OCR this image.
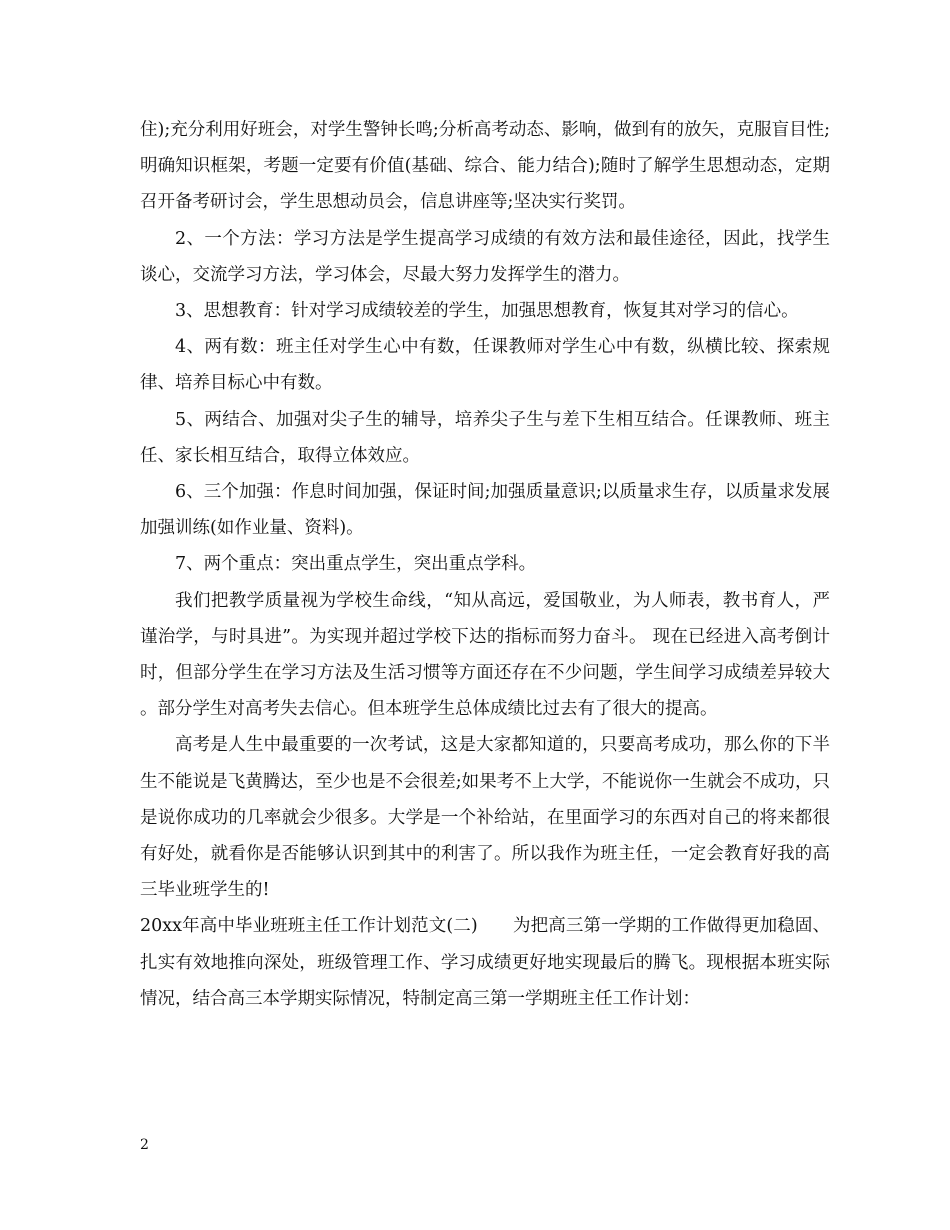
住);充分利用好班会，对学生警钟长鸣;分析高考动态、影响，做到有的放矢，克服盲目性;明确知识框架，考题一定要有价值(基础、综合、能力结合);随时了解学生思想动态，定期召开备考研讨会，学生思想动员会，信息讲座等;坚决实行奖罚。

2、一个方法：学习方法是学生提高学习成绩的有效方法和最佳途径，因此，找学生谈心，交流学习方法，学习体会，尽最大努力发挥学生的潜力。

3、思想教育：针对学习成绩较差的学生，加强思想教育，恢复其对学习的信心。

4、两有数：班主任对学生心中有数，任课教师对学生心中有数，纵横比较、探索规律、培养目标心中有数。

5、两结合、加强对尖子生的辅导，培养尖子生与差下生相互结合。任课教师、班主任、家长相互结合，取得立体效应。

6、三个加强：作息时间加强，保证时间;加强质量意识;以质量求生存，以质量求发展加强训练(如作业量、资料)。

7、两个重点：突出重点学生，突出重点学科。

我们把教学质量视为学校生命线，“知从高远，爱国敬业，为人师表，教书育人，严谨治学，与时具进”。为实现并超过学校下达的指标而努力奋斗。 现在已经进入高考倒计时，但部分学生在学习方法及生活习惯等方面还存在不少问题，学生间学习成绩差异较大 。部分学生对高考失去信心。但本班学生总体成绩比过去有了很大的提高。

高考是人生中最重要的一次考试，这是大家都知道的，只要高考成功，那么你的下半生不能说是飞黄腾达，至少也是不会很差;如果考不上大学，不能说你一生就会不成功，只是说你成功的几率就会少很多。大学是一个补给站，在里面学习的东西对自己的将来都很有好处，就看你是否能够认识到其中的利害了。所以我作为班主任，一定会教育好我的高三毕业班学生的!

20xx年高中毕业班班主任工作计划范文(二)　　为把高三第一学期的工作做得更加稳固、扎实有效地推向深处，班级管理工作、学习成绩更好地实现最后的腾飞。现根据本班实际情况，结合高三本学期实际情况，特制定高三第一学期班主任工作计划：

2
